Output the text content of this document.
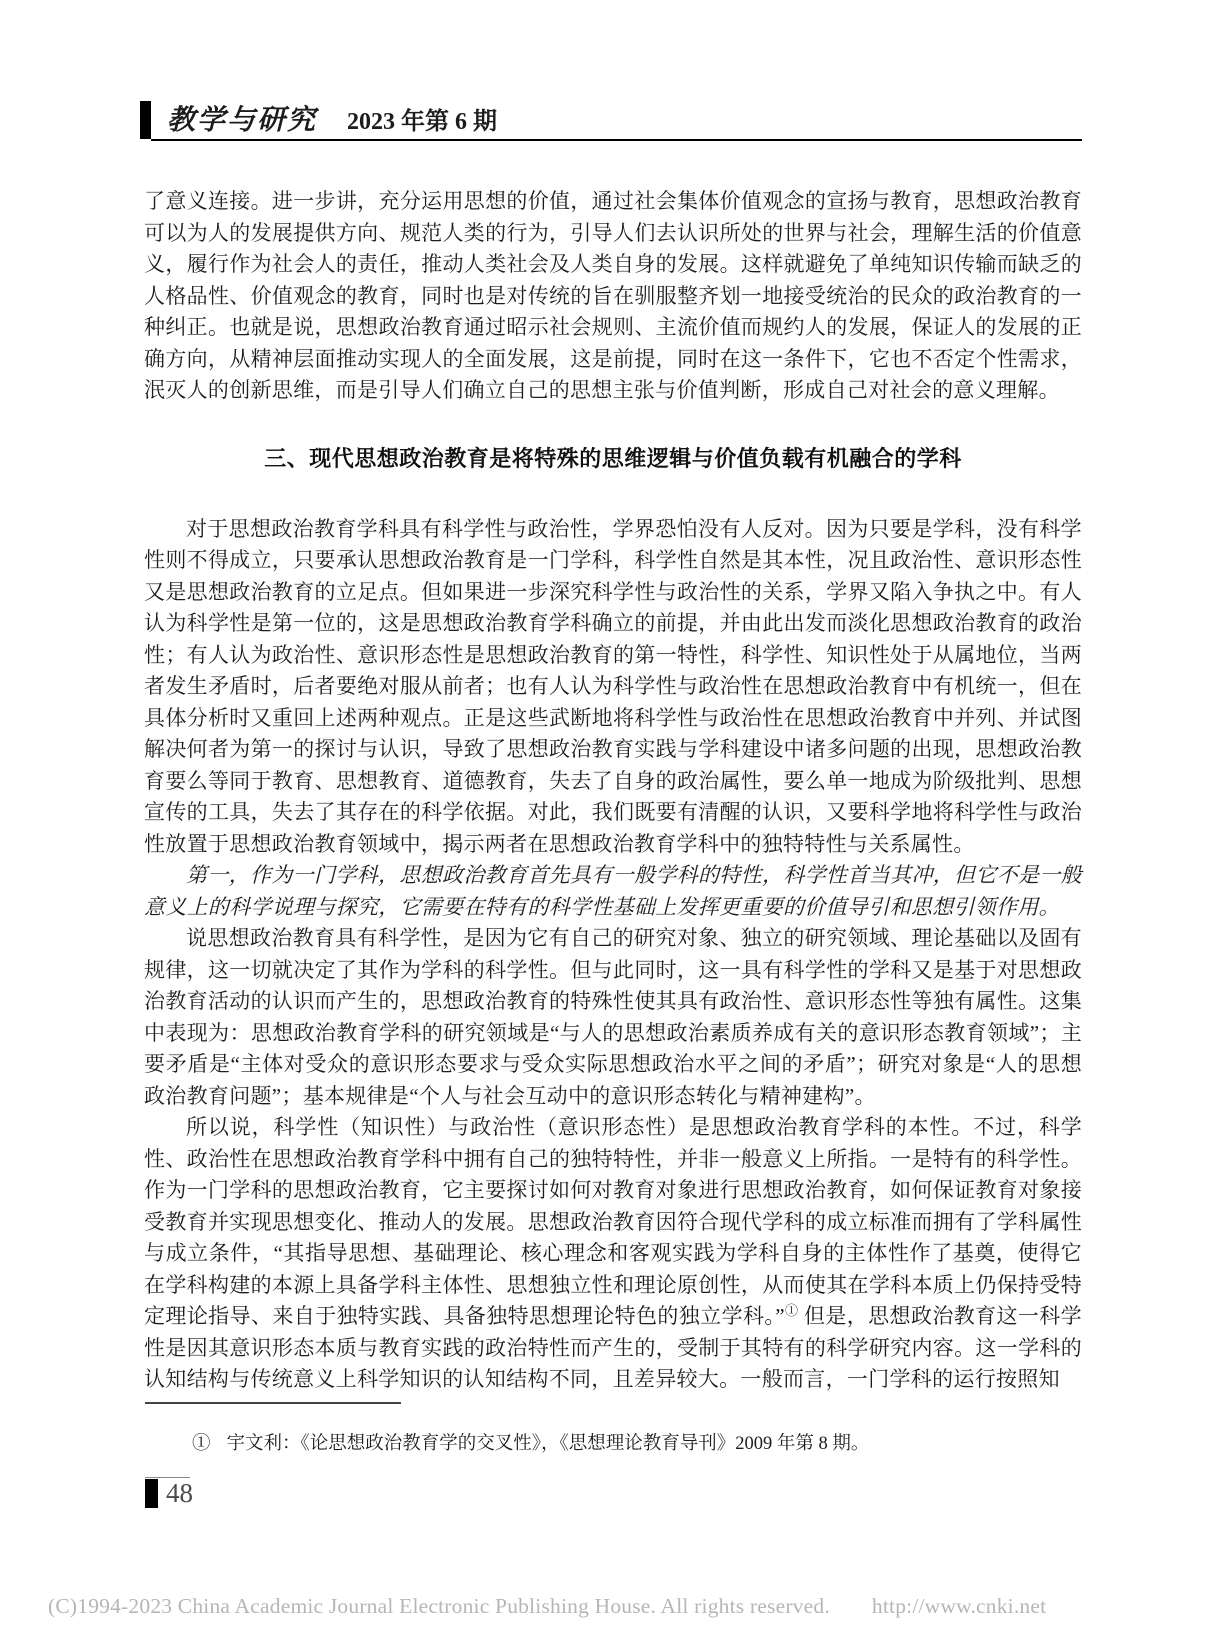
教学与研究 2023 年第 6 期

了意义连接。进一步讲，充分运用思想的价值，通过社会集体价值观念的宣扬与教育，思想政治教育可以为人的发展提供方向、规范人类的行为，引导人们去认识所处的世界与社会，理解生活的价值意义，履行作为社会人的责任，推动人类社会及人类自身的发展。这样就避免了单纯知识传输而缺乏的人格品性、价值观念的教育，同时也是对传统的旨在驯服整齐划一地接受统治的民众的政治教育的一种纠正。也就是说，思想政治教育通过昭示社会规则、主流价值而规约人的发展，保证人的发展的正确方向，从精神层面推动实现人的全面发展，这是前提，同时在这一条件下，它也不否定个性需求，泯灭人的创新思维，而是引导人们确立自己的思想主张与价值判断，形成自己对社会的意义理解。

三、现代思想政治教育是将特殊的思维逻辑与价值负载有机融合的学科

对于思想政治教育学科具有科学性与政治性，学界恐怕没有人反对。因为只要是学科，没有科学性则不得成立，只要承认思想政治教育是一门学科，科学性自然是其本性，况且政治性、意识形态性又是思想政治教育的立足点。但如果进一步深究科学性与政治性的关系，学界又陷入争执之中。有人认为科学性是第一位的，这是思想政治教育学科确立的前提，并由此出发而淡化思想政治教育的政治性；有人认为政治性、意识形态性是思想政治教育的第一特性，科学性、知识性处于从属地位，当两者发生矛盾时，后者要绝对服从前者；也有人认为科学性与政治性在思想政治教育中有机统一，但在具体分析时又重回上述两种观点。正是这些武断地将科学性与政治性在思想政治教育中并列、并试图解决何者为第一的探讨与认识，导致了思想政治教育实践与学科建设中诸多问题的出现，思想政治教育要么等同于教育、思想教育、道德教育，失去了自身的政治属性，要么单一地成为阶级批判、思想宣传的工具，失去了其存在的科学依据。对此，我们既要有清醒的认识，又要科学地将科学性与政治性放置于思想政治教育领域中，揭示两者在思想政治教育学科中的独特特性与关系属性。

第一，作为一门学科，思想政治教育首先具有一般学科的特性，科学性首当其冲，但它不是一般意义上的科学说理与探究，它需要在特有的科学性基础上发挥更重要的价值导引和思想引领作用。

说思想政治教育具有科学性，是因为它有自己的研究对象、独立的研究领域、理论基础以及固有规律，这一切就决定了其作为学科的科学性。但与此同时，这一具有科学性的学科又是基于对思想政治教育活动的认识而产生的，思想政治教育的特殊性使其具有政治性、意识形态性等独有属性。这集中表现为：思想政治教育学科的研究领域是“与人的思想政治素质养成有关的意识形态教育领域”；主要矛盾是“主体对受众的意识形态要求与受众实际思想政治水平之间的矛盾”；研究对象是“人的思想政治教育问题”；基本规律是“个人与社会互动中的意识形态转化与精神建构”。

所以说，科学性（知识性）与政治性（意识形态性）是思想政治教育学科的本性。不过，科学性、政治性在思想政治教育学科中拥有自己的独特特性，并非一般意义上所指。一是特有的科学性。作为一门学科的思想政治教育，它主要探讨如何对教育对象进行思想政治教育，如何保证教育对象接受教育并实现思想变化、推动人的发展。思想政治教育因符合现代学科的成立标准而拥有了学科属性与成立条件，“其指导思想、基础理论、核心理念和客观实践为学科自身的主体性作了基奠，使得它在学科构建的本源上具备学科主体性、思想独立性和理论原创性，从而使其在学科本质上仍保持受特定理论指导、来自于独特实践、具备独特思想理论特色的独立学科。”① 但是，思想政治教育这一科学性是因其意识形态本质与教育实践的政治特性而产生的，受制于其特有的科学研究内容。这一学科的认知结构与传统意义上科学知识的认知结构不同，且差异较大。一般而言，一门学科的运行按照知

① 宇文利：《论思想政治教育学的交叉性》，《思想理论教育导刊》2009 年第 8 期。
48
(C)1994-2023 China Academic Journal Electronic Publishing House. All rights reserved. http://www.cnki.net
